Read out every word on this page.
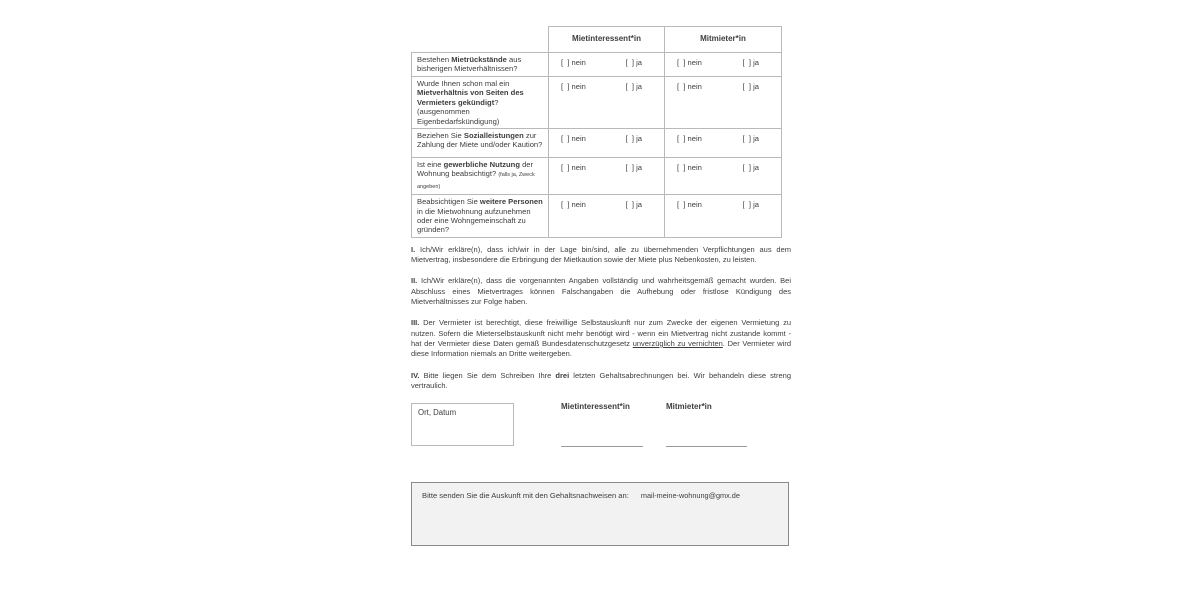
	Mietinteressent*in	Mitmieter*in
Bestehen Mietrückstände aus bisherigen Mietverhältnissen?	[  ] nein [  ] ja	[  ] nein [  ] ja

Wurde Ihnen schon mal ein Mietverhältnis von Seiten des Vermieters gekündigt? (ausgenommen Eigenbedarfskündigung)	[  ] nein [  ] ja	[  ] nein [  ] ja

Beziehen Sie Sozialleistungen zur Zahlung der Miete und/oder Kaution?	[  ] nein [  ] ja	[  ] nein [  ] ja

Ist eine gewerbliche Nutzung der Wohnung beabsichtigt? (falls ja, Zweck angeben)	[  ] nein [  ] ja	[  ] nein [  ] ja

Beabsichtigen Sie weitere Personen in die Mietwohnung aufzunehmen oder eine Wohngemeinschaft zu gründen?	[  ] nein [  ] ja	[  ] nein [  ] ja

I. Ich/Wir erkläre(n), dass ich/wir in der Lage bin/sind, alle zu übernehmenden Verpflichtungen aus dem Mietvertrag, insbesondere die Erbringung der Mietkaution sowie der Miete plus Nebenkosten, zu leisten.

II. Ich/Wir erkläre(n), dass die vorgenannten Angaben vollständig und wahrheitsgemäß gemacht wurden. Bei Abschluss eines Mietvertrages können Falschangaben die Aufhebung oder fristlose Kündigung des Mietverhältnisses zur Folge haben.

III. Der Vermieter ist berechtigt, diese freiwillige Selbstauskunft nur zum Zwecke der eigenen Vermietung zu nutzen. Sofern die Mieterselbstauskunft nicht mehr benötigt wird - wenn ein Mietvertrag nicht zustande kommt - hat der Vermieter diese Daten gemäß Bundesdatenschutzgesetz unverzüglich zu vernichten. Der Vermieter wird diese Information niemals an Dritte weitergeben.

IV. Bitte liegen Sie dem Schreiben Ihre drei letzten Gehaltsabrechnungen bei. Wir behandeln diese streng vertraulich.

Ort, Datum
Mietinteressent*in	Mitmieter*in
Bitte senden Sie die Auskunft mit den Gehaltsnachweisen an: mail-meine-wohnung@gmx.de
